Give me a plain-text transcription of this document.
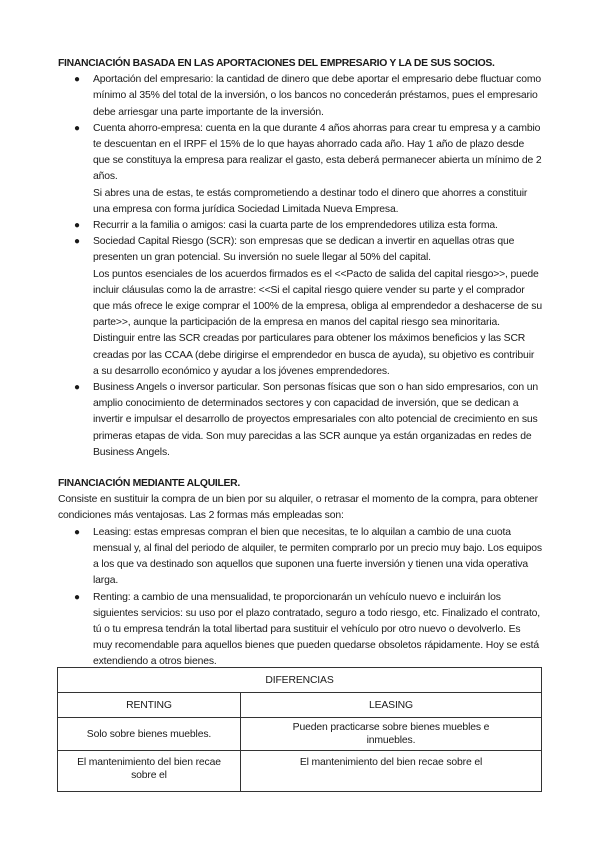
FINANCIACIÓN BASADA EN LAS APORTACIONES DEL EMPRESARIO Y LA DE SUS SOCIOS.
● Aportación del empresario: la cantidad de dinero que debe aportar el empresario debe fluctuar como mínimo al 35% del total de la inversión, o los bancos no concederán préstamos, pues el empresario debe arriesgar una parte importante de la inversión.

● Cuenta ahorro-empresa: cuenta en la que durante 4 años ahorras para crear tu empresa y a cambio te descuentan en el IRPF el 15% de lo que hayas ahorrado cada año. Hay 1 año de plazo desde que se constituya la empresa para realizar el gasto, esta deberá permanecer abierta un mínimo de 2 años.

Si abres una de estas, te estás comprometiendo a destinar todo el dinero que ahorres a constituir una empresa con forma jurídica Sociedad Limitada Nueva Empresa.

● Recurrir a la familia o amigos: casi la cuarta parte de los emprendedores utiliza esta forma.

● Sociedad Capital Riesgo (SCR): son empresas que se dedican a invertir en aquellas otras que presenten un gran potencial. Su inversión no suele llegar al 50% del capital.

Los puntos esenciales de los acuerdos firmados es el <<Pacto de salida del capital riesgo>>, puede incluir cláusulas como la de arrastre: <<Si el capital riesgo quiere vender su parte y el comprador que más ofrece le exige comprar el 100% de la empresa, obliga al emprendedor a deshacerse de su parte>>, aunque la participación de la empresa en manos del capital riesgo sea minoritaria.

Distinguir entre las SCR creadas por particulares para obtener los máximos beneficios y las SCR creadas por las CCAA (debe dirigirse el emprendedor en busca de ayuda), su objetivo es contribuir a su desarrollo económico y ayudar a los jóvenes emprendedores.

● Business Angels o inversor particular. Son personas físicas que son o han sido empresarios, con un amplio conocimiento de determinados sectores y con capacidad de inversión, que se dedican a invertir e impulsar el desarrollo de proyectos empresariales con alto potencial de crecimiento en sus primeras etapas de vida. Son muy parecidas a las SCR aunque ya están organizadas en redes de Business Angels.

FINANCIACIÓN MEDIANTE ALQUILER.

Consiste en sustituir la compra de un bien por su alquiler, o retrasar el momento de la compra, para obtener condiciones más ventajosas. Las 2 formas más empleadas son:

● Leasing: estas empresas compran el bien que necesitas, te lo alquilan a cambio de una cuota mensual y, al final del periodo de alquiler, te permiten comprarlo por un precio muy bajo. Los equipos a los que va destinado son aquellos que suponen una fuerte inversión y tienen una vida operativa larga.

● Renting: a cambio de una mensualidad, te proporcionarán un vehículo nuevo e incluirán los siguientes servicios: su uso por el plazo contratado, seguro a todo riesgo, etc. Finalizado el contrato, tú o tu empresa tendrán la total libertad para sustituir el vehículo por otro nuevo o devolverlo. Es muy recomendable para aquellos bienes que pueden quedarse obsoletos rápidamente. Hoy se está extendiendo a otros bienes.

DIFERENCIAS	
RENTING	LEASING
Solo sobre bienes muebles.	Pueden practicarse sobre bienes muebles e inmuebles.
El mantenimiento del bien recae sobre el	El mantenimiento del bien recae sobre el
